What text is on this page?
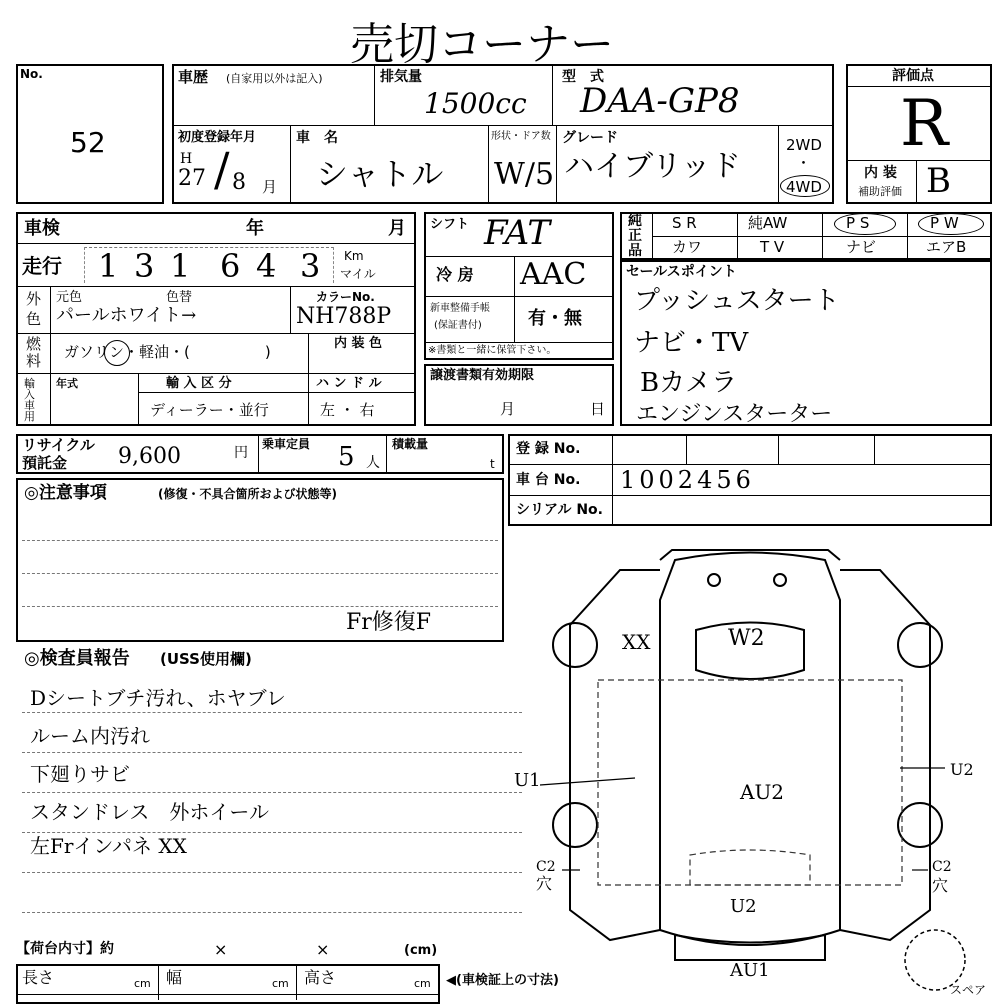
売切コーナー
No.
52
車歴 (自家用以外は記入)	排気量
1500cc
型　式
DAA-GP8
初度登録年月
H
27 / 8 月
車　名
シャトル
形状・ドア数
W/5
グレード
ハイブリッド
2WD
・
4WD
評価点
R
内 装
補助評価 B
車検	年	月
走行 1 3 1 6 4 3 Km
マイル
外
色
元色	色替
パールホワイト→
カラーNo.
NH788P
燃
料 ガソリン・軽油・(　　　　　)	内 装 色
輸入車用
年式	輸 入 区 分
ディーラー・並行
ハ ン ド ル
左 ・ 右
リサイクル
預託金 9,600	円
乗車定員 5 人
積載量
t
シフト FAT
冷 房 AAC
新車整備手帳
(保証書付)	有・無
※書類と一緒に保管下さい。
譲渡書類有効期限
月	日
純正品
S R	純AW	P S	P W
カワ	T V	ナビ	エアB
セールスポイント
プッシュスタート
ナビ・TV
Bカメラ
エンジンスターター
登 録 No.
車 台 No. 1002456
シリアル No.
◎注意事項	(修復・不具合箇所および状態等)
Fr修復F
◎検査員報告 (USS使用欄)
Dシートブチ汚れ、ホヤブレ
ルーム内汚れ
下廻りサビ
スタンドレス　外ホイール
左Frインパネ XX
XX	W2
U1	AU2
U2
C2
穴
C2
穴
U2
AU1
スペア
【荷台内寸】約	×	×	(cm)
長さ	cm 幅	cm 高さ	cm ◀(車検証上の寸法)
